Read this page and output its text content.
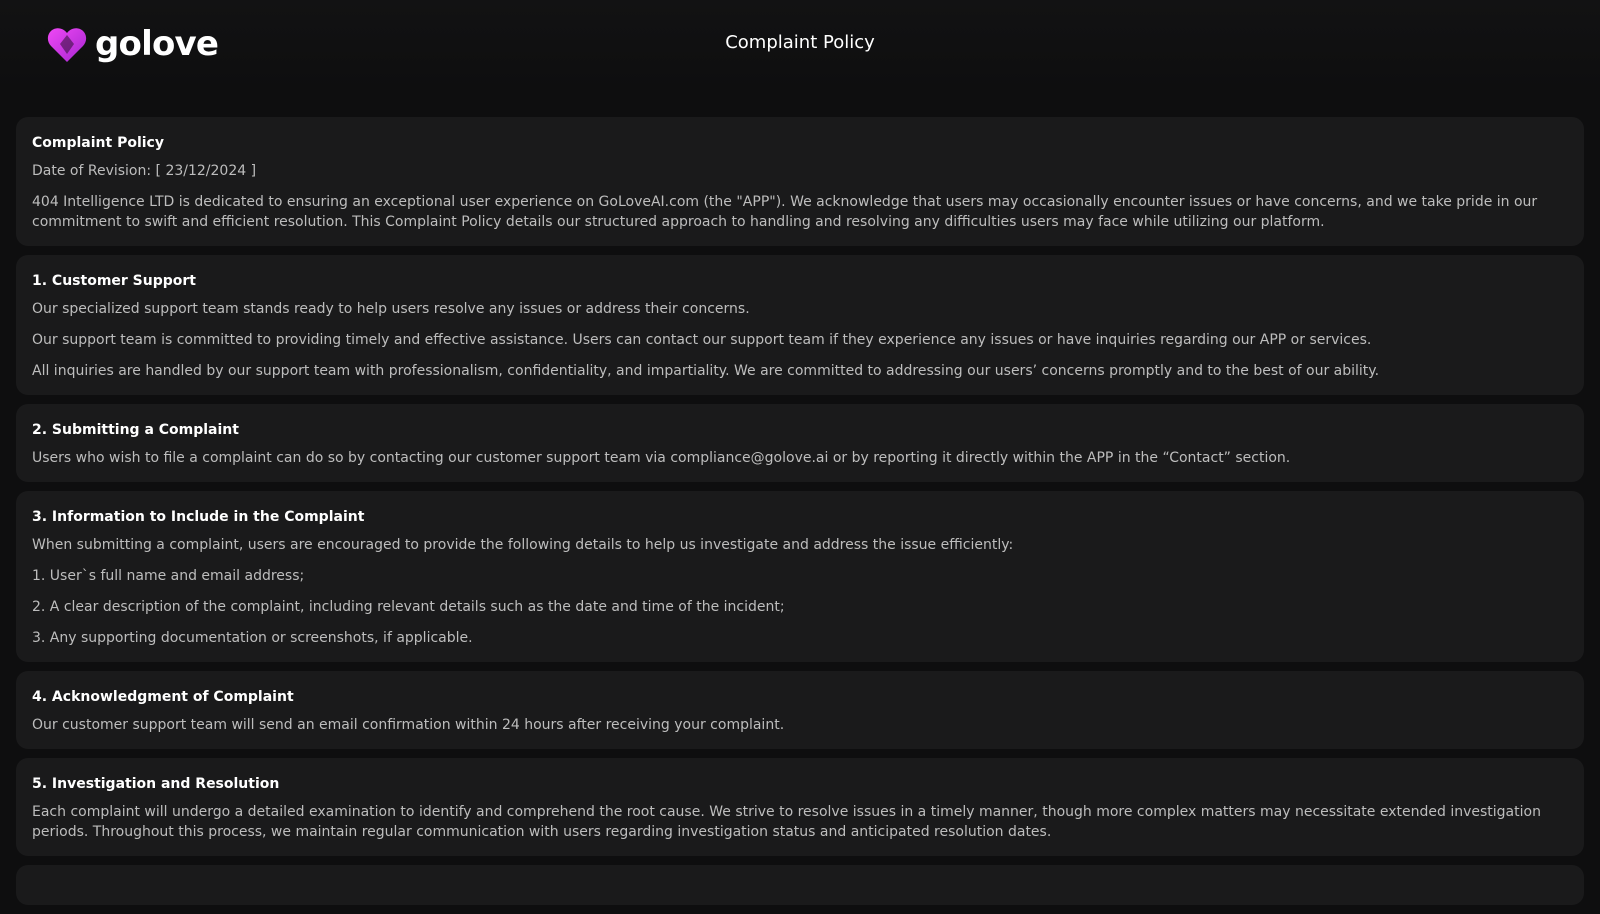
golove	Complaint Policy
Complaint Policy

Date of Revision: [ 23/12/2024 ]

404 Intelligence LTD is dedicated to ensuring an exceptional user experience on GoLoveAI.com (the "APP"). We acknowledge that users may occasionally encounter issues or have concerns, and we take pride in our commitment to swift and efficient resolution. This Complaint Policy details our structured approach to handling and resolving any difficulties users may face while utilizing our platform.

1. Customer Support

Our specialized support team stands ready to help users resolve any issues or address their concerns.

Our support team is committed to providing timely and effective assistance. Users can contact our support team if they experience any issues or have inquiries regarding our APP or services.

All inquiries are handled by our support team with professionalism, confidentiality, and impartiality. We are committed to addressing our users’ concerns promptly and to the best of our ability.

2. Submitting a Complaint

Users who wish to file a complaint can do so by contacting our customer support team via compliance@golove.ai or by reporting it directly within the APP in the “Contact” section.

3. Information to Include in the Complaint

When submitting a complaint, users are encouraged to provide the following details to help us investigate and address the issue efficiently:

1. User`s full name and email address;

2. A clear description of the complaint, including relevant details such as the date and time of the incident;

3. Any supporting documentation or screenshots, if applicable.

4. Acknowledgment of Complaint

Our customer support team will send an email confirmation within 24 hours after receiving your complaint.

5. Investigation and Resolution

Each complaint will undergo a detailed examination to identify and comprehend the root cause. We strive to resolve issues in a timely manner, though more complex matters may necessitate extended investigation periods. Throughout this process, we maintain regular communication with users regarding investigation status and anticipated resolution dates.
